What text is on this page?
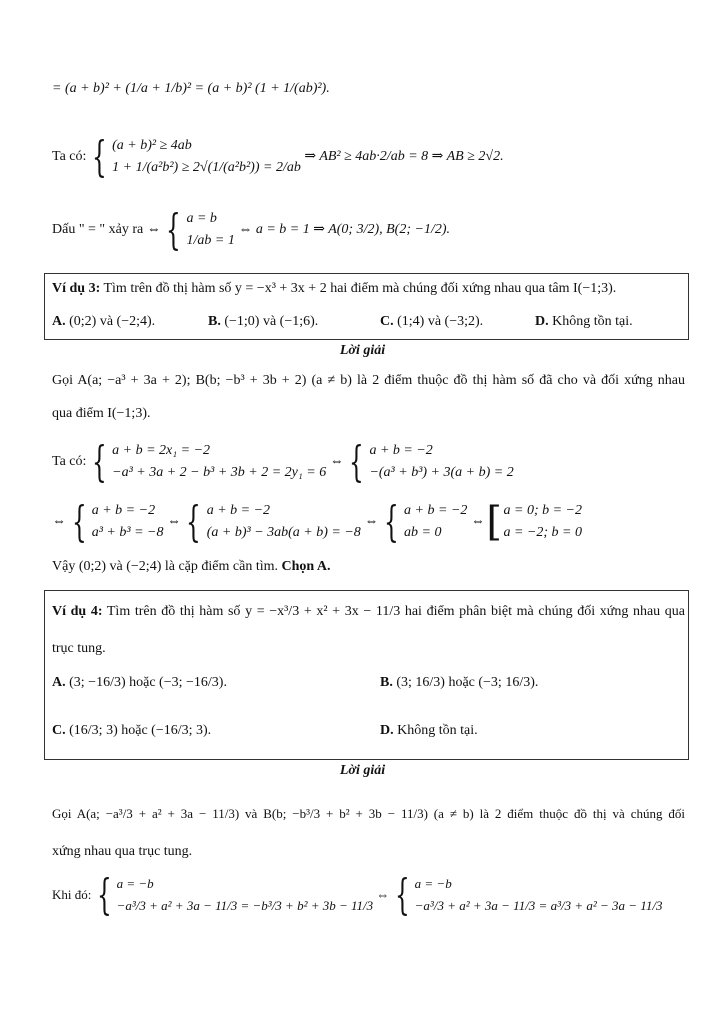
= (a + b)² + (1/a + 1/b)² = (a + b)² (1 + 1/(ab)²).
Ta có: { (a + b)² ≥ 4ab
1 + 1/(a²b²) ≥ 2√(1/(a²b²)) = 2/ab
⇒ AB² ≥ 4ab·2/ab = 8 ⇒ AB ≥ 2√2.
Dấu " = " xảy ra ⇔ { a = b
1/ab = 1
⇔ a = b = 1 ⇒ A(0; 3/2), B(2; −1/2).
Ví dụ 3: Tìm trên đồ thị hàm số y = −x³ + 3x + 2 hai điểm mà chúng đối xứng nhau qua tâm I(−1;3).
A. (0;2) và (−2;4).	B. (−1;0) và (−1;6).	C. (1;4) và (−3;2).	D. Không tồn tại.
Lời giải
Gọi A(a; −a³ + 3a + 2); B(b; −b³ + 3b + 2) (a ≠ b) là 2 điểm thuộc đồ thị hàm số đã cho và đối xứng nhau
qua điểm I(−1;3).
Ta có: { a + b = 2x₁ = −2
−a³ + 3a + 2 − b³ + 3b + 2 = 2y₁ = 6
⇔ { a + b = −2
−(a³ + b³) + 3(a + b) = 2
⇔ { a + b = −2
a³ + b³ = −8
⇔ { a + b = −2
(a + b)³ − 3ab(a + b) = −8
⇔ { a + b = −2
ab = 0
⇔ [ a = 0; b = −2
a = −2; b = 0
Vậy (0;2) và (−2;4) là cặp điểm cần tìm. Chọn A.
Ví dụ 4: Tìm trên đồ thị hàm số y = −x³/3 + x² + 3x − 11/3 hai điểm phân biệt mà chúng đối xứng nhau qua
trục tung.
A. (3; −16/3) hoặc (−3; −16/3).	B. (3; 16/3) hoặc (−3; 16/3).
C. (16/3; 3) hoặc (−16/3; 3).	D. Không tồn tại.
Lời giải
Gọi A(a; −a³/3 + a² + 3a − 11/3) và B(b; −b³/3 + b² + 3b − 11/3) (a ≠ b) là 2 điểm thuộc đồ thị và chúng đối
xứng nhau qua trục tung.
Khi đó: { a = −b
−a³/3 + a² + 3a − 11/3 = −b³/3 + b² + 3b − 11/3
⇔ { a = −b
−a³/3 + a² + 3a − 11/3 = a³/3 + a² − 3a − 11/3
